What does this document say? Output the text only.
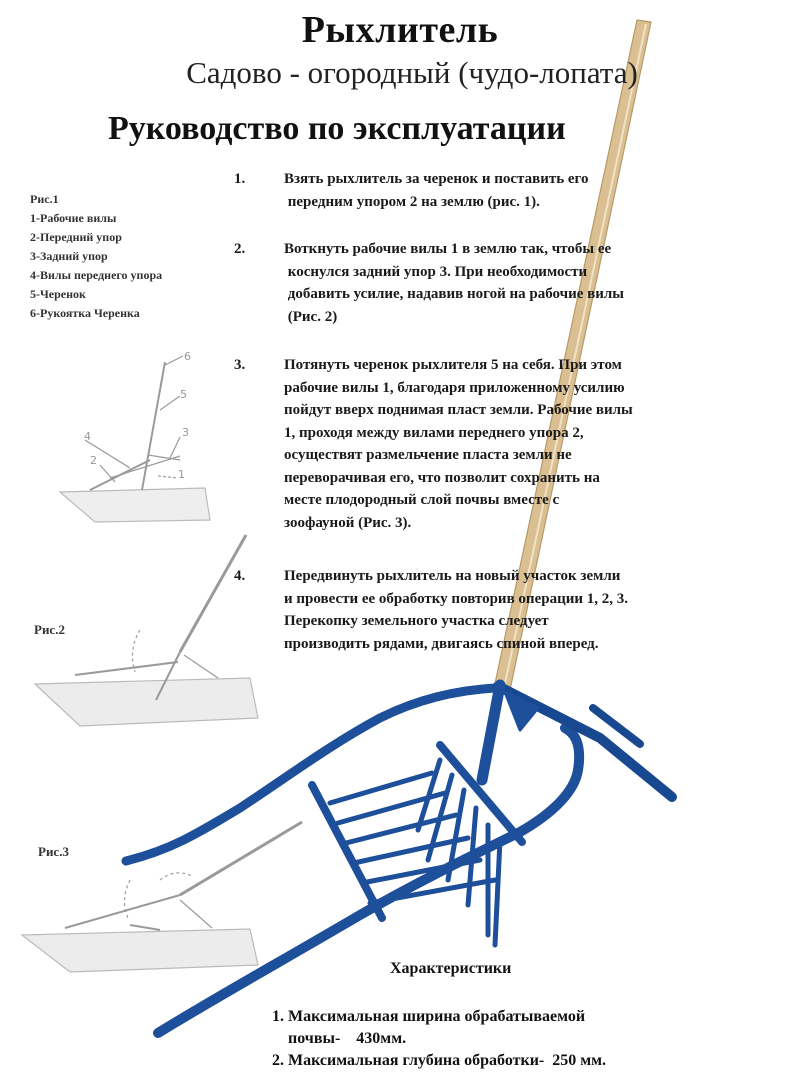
6
5
4	3
2
1
Рыхлитель
Садово - огородный (чудо-лопата)
Руководство по эксплуатации
Рис.1
1-Рабочие вилы
2-Передний упор
3-Задний упор
4-Вилы переднего упора
5-Черенок
6-Рукоятка Черенка
1.	Взять рыхлитель за черенок и поставить его
передним упором 2 на землю (рис. 1).
2.	Воткнуть рабочие вилы 1 в землю так, чтобы ее
коснулся задний упор 3. При необходимости
добавить усилие, надавив ногой на рабочие вилы
(Рис. 2)
3.	Потянуть черенок рыхлителя 5 на себя. При этом
рабочие вилы 1, благодаря приложенному усилию
пойдут вверх поднимая пласт земли. Рабочие вилы
1, проходя между вилами переднего упора 2,
осуществят размельчение пласта земли не
переворачивая его, что позволит сохранить на
месте плодородный слой почвы вместе с
зоофауной (Рис. 3).
4.	Передвинуть рыхлитель на новый участок земли
и провести ее обработку повторив операции 1, 2, 3.
Перекопку земельного участка следует
производить рядами, двигаясь спиной вперед.
Рис.2
Рис.3
Характеристики
1. Максимальная ширина обрабатываемой
почвы-    430мм.
2. Максимальная глубина обработки-  250 мм.
